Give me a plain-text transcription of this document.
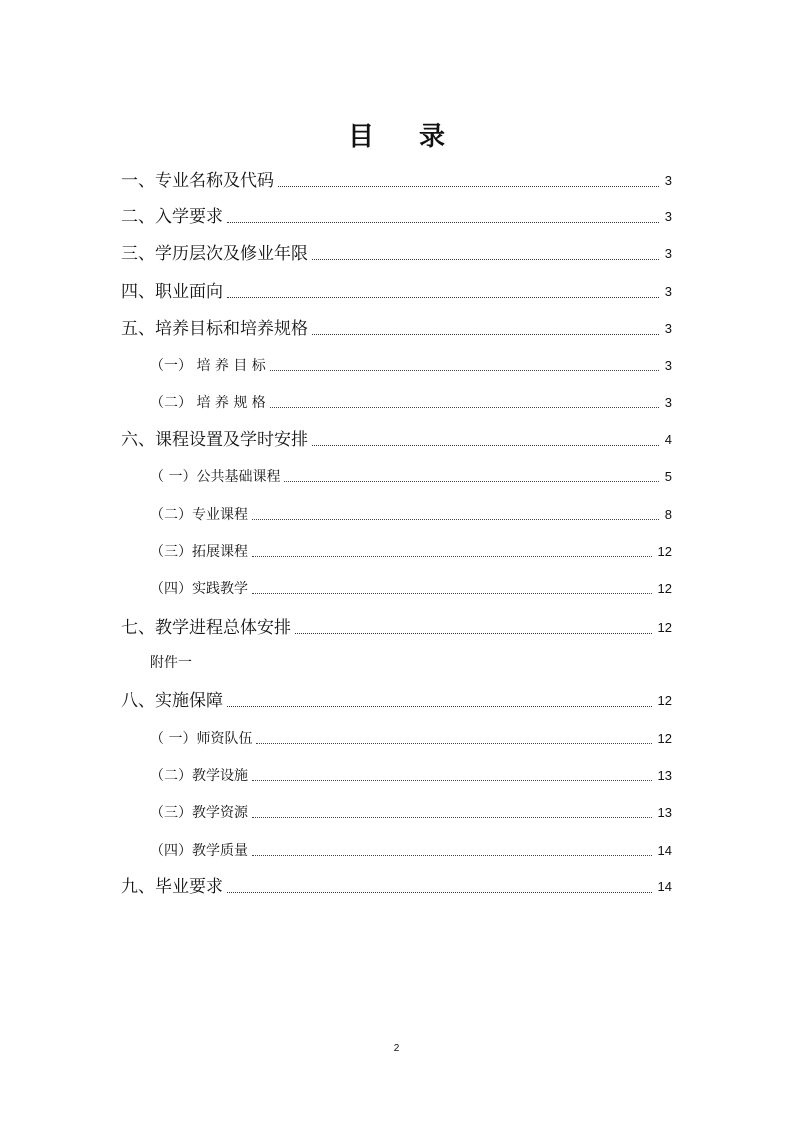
目 录
一、专业名称及代码	3
二、入学要求	3
三、学历层次及修业年限	3
四、职业面向	3
五、培养目标和培养规格	3
（一） 培 养 目 标	3
（二） 培 养 规 格	3
六、课程设置及学时安排	4
（ 一）公共基础课程	5
（二）专业课程	8
（三）拓展课程	12
（四）实践教学	12
七、教学进程总体安排	12
附件一
八、实施保障	12
（ 一）师资队伍	12
（二）教学设施	13
（三）教学资源	13
（四）教学质量	14
九、毕业要求	14
2
